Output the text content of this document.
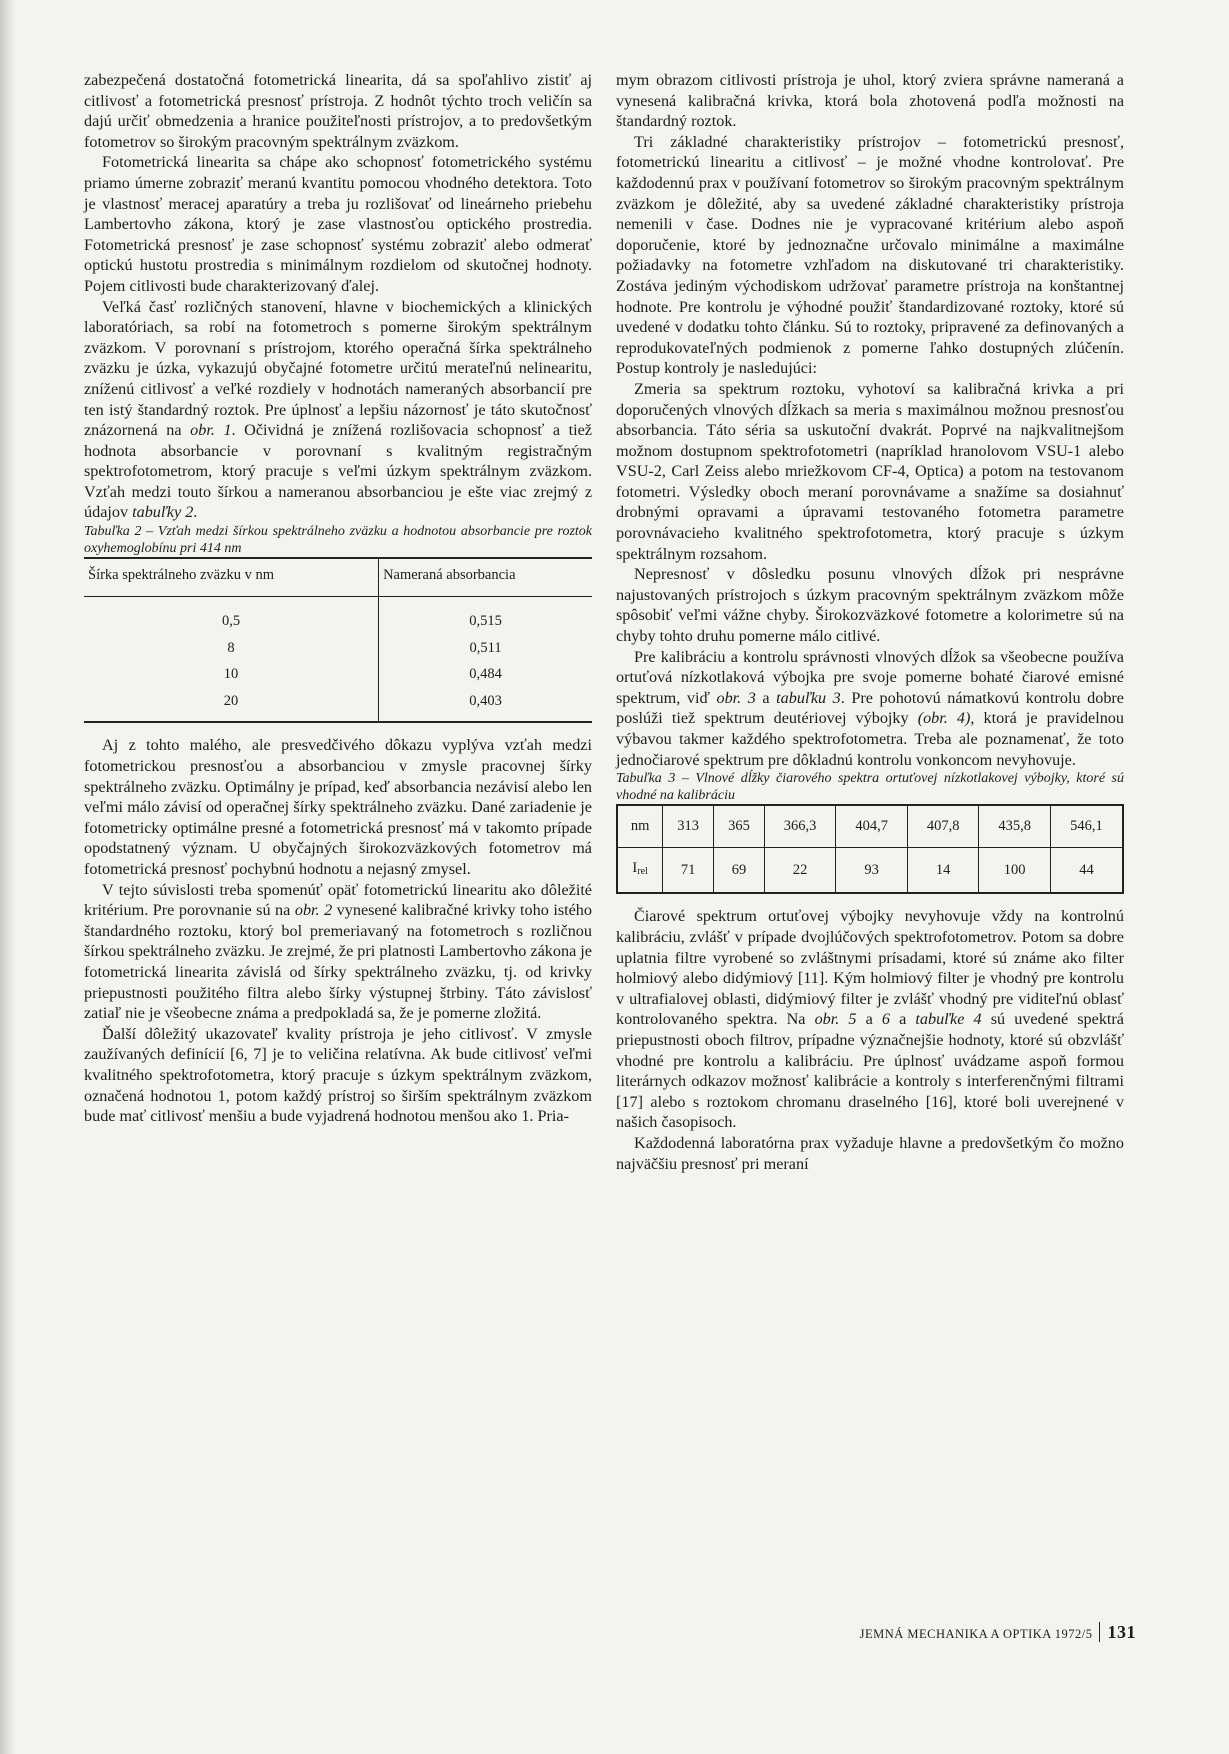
zabezpečená dostatočná fotometrická linearita, dá sa spoľahlivo zistiť aj citlivosť a fotometrická presnosť prístroja. Z hodnôt týchto troch veličín sa dajú určiť obmedzenia a hranice použiteľnosti prístrojov, a to predovšetkým fotometrov so širokým pracovným spektrálnym zväzkom.

Fotometrická linearita sa chápe ako schopnosť fotometrického systému priamo úmerne zobraziť meranú kvantitu pomocou vhodného detektora. Toto je vlastnosť meracej aparatúry a treba ju rozlišovať od lineárneho priebehu Lambertovho zákona, ktorý je zase vlastnosťou optického prostredia. Fotometrická presnosť je zase schopnosť systému zobraziť alebo odmerať optickú hustotu prostredia s minimálnym rozdielom od skutočnej hodnoty. Pojem citlivosti bude charakterizovaný ďalej.

Veľká časť rozličných stanovení, hlavne v biochemických a klinických laboratóriach, sa robí na fotometroch s pomerne širokým spektrálnym zväzkom. V porovnaní s prístrojom, ktorého operačná šírka spektrálneho zväzku je úzka, vykazujú obyčajné fotometre určitú merateľnú nelinearitu, zníženú citlivosť a veľké rozdiely v hodnotách nameraných absorbancií pre ten istý štandardný roztok. Pre úplnosť a lepšiu názornosť je táto skutočnosť znázornená na obr. 1. Očividná je znížená rozlišovacia schopnosť a tiež hodnota absorbancie v porovnaní s kvalitným registračným spektrofotometrom, ktorý pracuje s veľmi úzkym spektrálnym zväzkom. Vzťah medzi touto šírkou a nameranou absorbanciou je ešte viac zrejmý z údajov tabuľky 2.

Tabuľka 2 – Vzťah medzi šírkou spektrálneho zväzku a hodnotou absorbancie pre roztok oxyhemoglobínu pri 414 nm

Šírka spektrálneho zväzku v nm	Nameraná absorbancia
0,5	0,515
8	0,511
10	0,484
20	0,403

Aj z tohto malého, ale presvedčivého dôkazu vyplýva vzťah medzi fotometrickou presnosťou a absorbanciou v zmysle pracovnej šírky spektrálneho zväzku. Optimálny je prípad, keď absorbancia nezávisí alebo len veľmi málo závisí od operačnej šírky spektrálneho zväzku. Dané zariadenie je fotometricky optimálne presné a fotometrická presnosť má v takomto prípade opodstatnený význam. U obyčajných širokozväzkových fotometrov má fotometrická presnosť pochybnú hodnotu a nejasný zmysel.

V tejto súvislosti treba spomenúť opäť fotometrickú linearitu ako dôležité kritérium. Pre porovnanie sú na obr. 2 vynesené kalibračné krivky toho istého štandardného roztoku, ktorý bol premeriavaný na fotometroch s rozličnou šírkou spektrálneho zväzku. Je zrejmé, že pri platnosti Lambertovho zákona je fotometrická linearita závislá od šírky spektrálneho zväzku, tj. od krivky priepustnosti použitého filtra alebo šírky výstupnej štrbiny. Táto závislosť zatiaľ nie je všeobecne známa a predpokladá sa, že je pomerne zložitá.

Ďalší dôležitý ukazovateľ kvality prístroja je jeho citlivosť. V zmysle zaužívaných definícií [6, 7] je to veličina relatívna. Ak bude citlivosť veľmi kvalitného spektrofotometra, ktorý pracuje s úzkym spektrálnym zväzkom, označená hodnotou 1, potom každý prístroj so širším spektrálnym zväzkom bude mať citlivosť menšiu a bude vyjadrená hodnotou menšou ako 1. Pria-

mym obrazom citlivosti prístroja je uhol, ktorý zviera správne nameraná a vynesená kalibračná krivka, ktorá bola zhotovená podľa možnosti na štandardný roztok.

Tri základné charakteristiky prístrojov – fotometrickú presnosť, fotometrickú linearitu a citlivosť – je možné vhodne kontrolovať. Pre každodennú prax v používaní fotometrov so širokým pracovným spektrálnym zväzkom je dôležité, aby sa uvedené základné charakteristiky prístroja nemenili v čase. Dodnes nie je vypracované kritérium alebo aspoň doporučenie, ktoré by jednoznačne určovalo minimálne a maximálne požiadavky na fotometre vzhľadom na diskutované tri charakteristiky. Zostáva jediným východiskom udržovať parametre prístroja na konštantnej hodnote. Pre kontrolu je výhodné použiť štandardizované roztoky, ktoré sú uvedené v dodatku tohto článku. Sú to roztoky, pripravené za definovaných a reprodukovateľných podmienok z pomerne ľahko dostupných zlúčenín. Postup kontroly je nasledujúci:

Zmeria sa spektrum roztoku, vyhotoví sa kalibračná krivka a pri doporučených vlnových dĺžkach sa meria s maximálnou možnou presnosťou absorbancia. Táto séria sa uskutoční dvakrát. Poprvé na najkvalitnejšom možnom dostupnom spektrofotometri (napríklad hranolovom VSU-1 alebo VSU-2, Carl Zeiss alebo mriežkovom CF-4, Optica) a potom na testovanom fotometri. Výsledky oboch meraní porovnávame a snažíme sa dosiahnuť drobnými opravami a úpravami testovaného fotometra parametre porovnávacieho kvalitného spektrofotometra, ktorý pracuje s úzkym spektrálnym rozsahom.

Nepresnosť v dôsledku posunu vlnových dĺžok pri nesprávne najustovaných prístrojoch s úzkym pracovným spektrálnym zväzkom môže spôsobiť veľmi vážne chyby. Širokozväzkové fotometre a kolorimetre sú na chyby tohto druhu pomerne málo citlivé.

Pre kalibráciu a kontrolu správnosti vlnových dĺžok sa všeobecne používa ortuťová nízkotlaková výbojka pre svoje pomerne bohaté čiarové emisné spektrum, viď obr. 3 a tabuľku 3. Pre pohotovú námatkovú kontrolu dobre poslúži tiež spektrum deutériovej výbojky (obr. 4), ktorá je pravidelnou výbavou takmer každého spektrofotometra. Treba ale poznamenať, že toto jednočiarové spektrum pre dôkladnú kontrolu vonkoncom nevyhovuje.

Tabuľka 3 – Vlnové dĺžky čiarového spektra ortuťovej nízkotlakovej výbojky, ktoré sú vhodné na kalibráciu

nm	313	365	366,3	404,7	407,8	435,8	546,1
$I_{rel}$	71	69	22	93	14	100	44

Čiarové spektrum ortuťovej výbojky nevyhovuje vždy na kontrolnú kalibráciu, zvlášť v prípade dvojlúčových spektrofotometrov. Potom sa dobre uplatnia filtre vyrobené so zvláštnymi prísadami, ktoré sú známe ako filter holmiový alebo didýmiový [11]. Kým holmiový filter je vhodný pre kontrolu v ultrafialovej oblasti, didýmiový filter je zvlášť vhodný pre viditeľnú oblasť kontrolovaného spektra. Na obr. 5 a 6 a tabuľke 4 sú uvedené spektrá priepustnosti oboch filtrov, prípadne význačnejšie hodnoty, ktoré sú obzvlášť vhodné pre kontrolu a kalibráciu. Pre úplnosť uvádzame aspoň formou literárnych odkazov možnosť kalibrácie a kontroly s interferenčnými filtrami [17] alebo s roztokom chromanu draselného [16], ktoré boli uverejnené v našich časopisoch.

Každodenná laboratórna prax vyžaduje hlavne a predovšetkým čo možno najväčšiu presnosť pri meraní

JEMNÁ MECHANIKA A OPTIKA 1972/5 131
